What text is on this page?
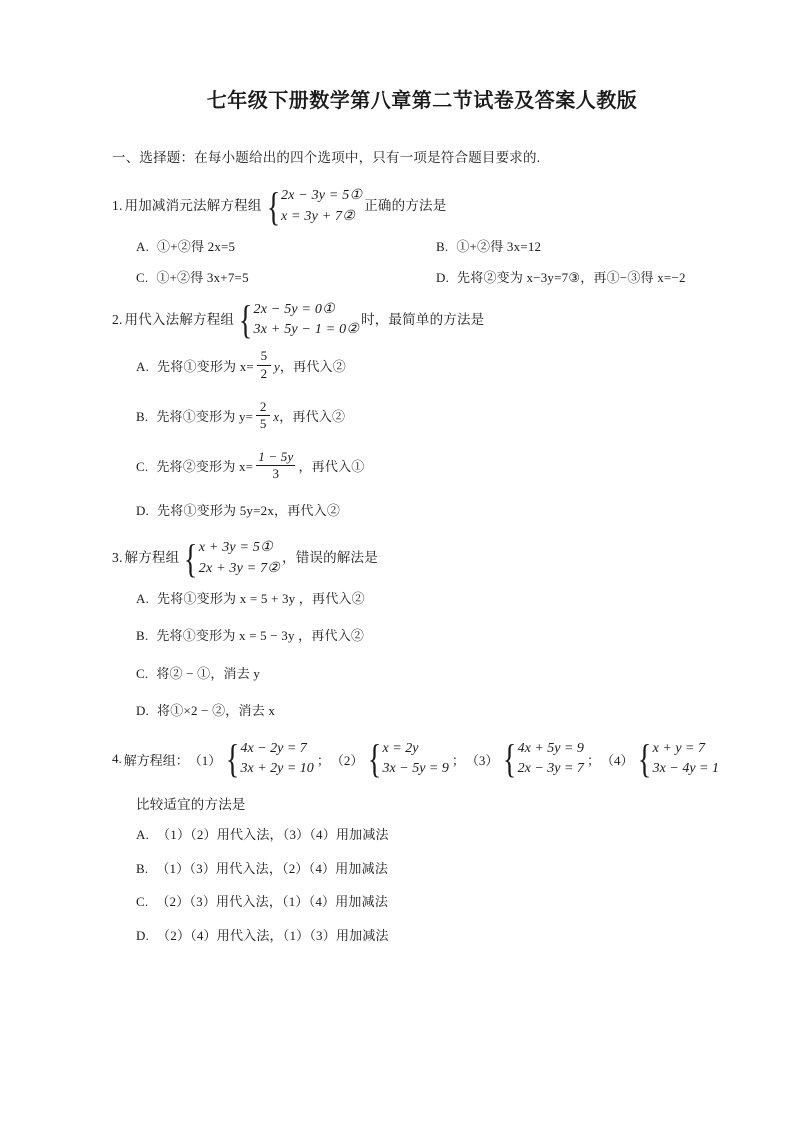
七年级下册数学第八章第二节试卷及答案人教版

一、选择题：在每小题给出的四个选项中，只有一项是符合题目要求的.

1. 用加减消元法解方程组 { 2x − 3y = 5①
x = 3y + 7②
正确的方法是
A. ①+②得 2x=5	B. ①+②得 3x=12
C. ①+②得 3x+7=5	D. 先将②变为 x−3y=7③，再①−③得 x=−2
2. 用代入法解方程组 { 2x − 5y = 0①
3x + 5y − 1 = 0②
时，最简单的方法是
A. 先将①变形为 $x= \frac{5}{2}$ y ，再代入②
B. 先将①变形为 $y= \frac{2}{5}$ x ，再代入②
C. 先将②变形为 $x= \frac{1 - 5y}{3}$ ，再代入①
D. 先将①变形为 5y=2x，再代入②
3. 解方程组 { x + 3y = 5①
2x + 3y = 7②
，错误的解法是
A. 先将①变形为 x = 5 + 3y ，再代入②
B. 先将①变形为 x = 5 − 3y ，再代入②
C. 将② − ①，消去 y
D. 将①×2 − ②，消去 x
4. 解方程组： （1） { 4x − 2y = 7
3x + 2y = 10
； （2） { x = 2y
3x − 5y = 9
； （3） { 4x + 5y = 9
2x − 3y = 7
； （4） { x + y = 7
3x − 4y = 1
比较适宜的方法是
A. （1）（2）用代入法，（3）（4）用加减法
B. （1）（3）用代入法，（2）（4）用加减法
C. （2）（3）用代入法，（1）（4）用加减法
D. （2）（4）用代入法，（1）（3）用加减法
